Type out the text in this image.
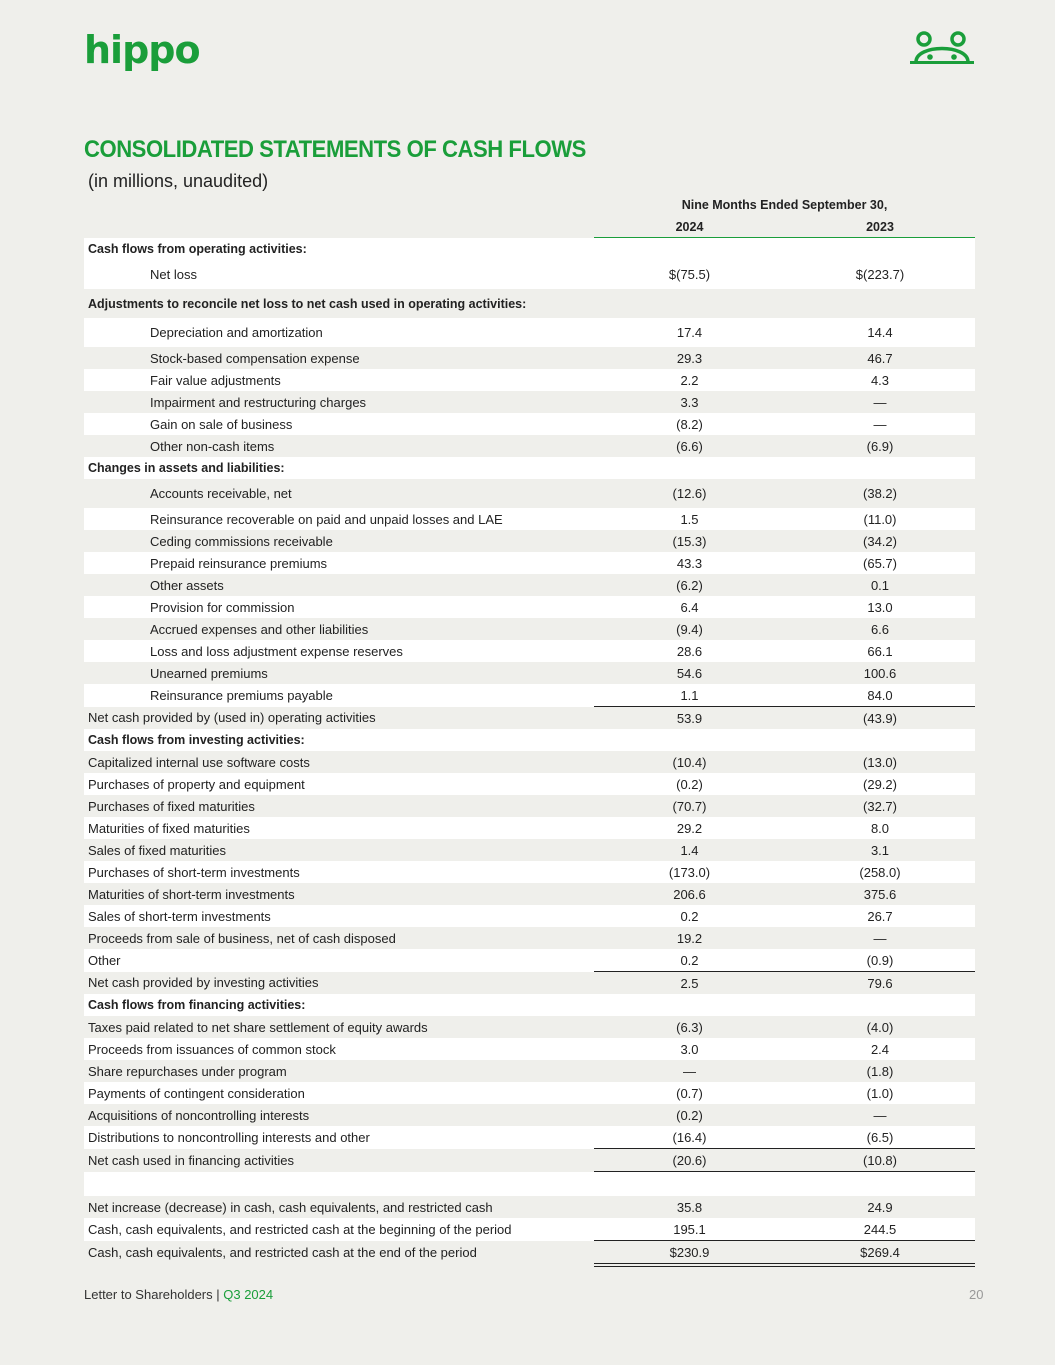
hippo
CONSOLIDATED STATEMENTS OF CASH FLOWS
(in millions, unaudited)
	Nine Months Ended September 30,	
	2024	2023
Cash flows from operating activities:		
Net loss	$(75.5)	$(223.7)
Adjustments to reconcile net loss to net cash used in operating activities:		
Depreciation and amortization	17.4	14.4
Stock-based compensation expense	29.3	46.7
Fair value adjustments	2.2	4.3
Impairment and restructuring charges	3.3	—
Gain on sale of business	(8.2)	—
Other non-cash items	(6.6)	(6.9)
Changes in assets and liabilities:		
Accounts receivable, net	(12.6)	(38.2)
Reinsurance recoverable on paid and unpaid losses and LAE	1.5	(11.0)
Ceding commissions receivable	(15.3)	(34.2)
Prepaid reinsurance premiums	43.3	(65.7)
Other assets	(6.2)	0.1
Provision for commission	6.4	13.0
Accrued expenses and other liabilities	(9.4)	6.6
Loss and loss adjustment expense reserves	28.6	66.1
Unearned premiums	54.6	100.6
Reinsurance premiums payable	1.1	84.0
Net cash provided by (used in) operating activities	53.9	(43.9)
Cash flows from investing activities:		
Capitalized internal use software costs	(10.4)	(13.0)
Purchases of property and equipment	(0.2)	(29.2)
Purchases of fixed maturities	(70.7)	(32.7)
Maturities of fixed maturities	29.2	8.0
Sales of fixed maturities	1.4	3.1
Purchases of short-term investments	(173.0)	(258.0)
Maturities of short-term investments	206.6	375.6
Sales of short-term investments	0.2	26.7
Proceeds from sale of business, net of cash disposed	19.2	—
Other	0.2	(0.9)
Net cash provided by investing activities	2.5	79.6
Cash flows from financing activities:		
Taxes paid related to net share settlement of equity awards	(6.3)	(4.0)
Proceeds from issuances of common stock	3.0	2.4
Share repurchases under program	—	(1.8)
Payments of contingent consideration	(0.7)	(1.0)
Acquisitions of noncontrolling interests	(0.2)	—
Distributions to noncontrolling interests and other	(16.4)	(6.5)
Net cash used in financing activities	(20.6)	(10.8)

Net increase (decrease) in cash, cash equivalents, and restricted cash	35.8	24.9
Cash, cash equivalents, and restricted cash at the beginning of the period	195.1	244.5
Cash, cash equivalents, and restricted cash at the end of the period	$230.9	$269.4
Letter to Shareholders | Q3 2024	20
